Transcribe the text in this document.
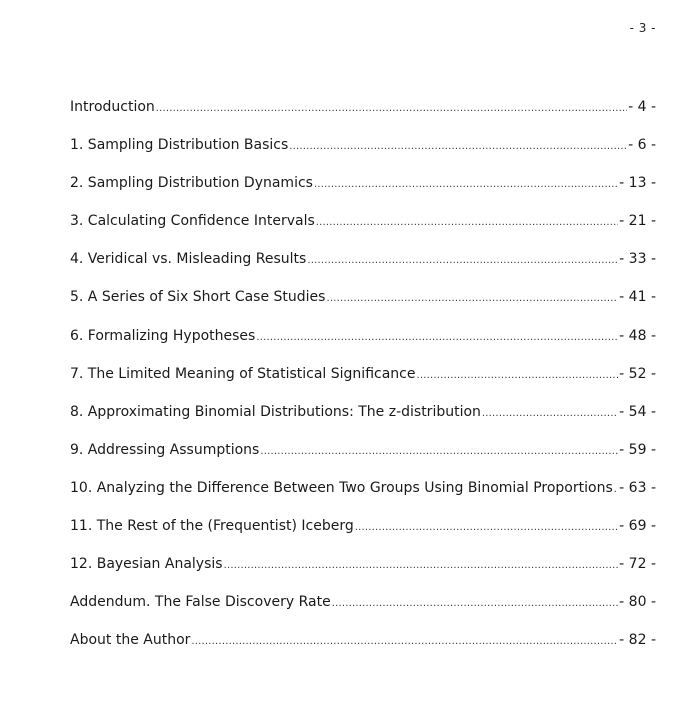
- 3 -
Introduction .....	- 4 -
1. Sampling Distribution Basics .....	- 6 -
2. Sampling Distribution Dynamics .....	- 13 -
3. Calculating Confidence Intervals .....	- 21 -
4. Veridical vs. Misleading Results .....	- 33 -
5. A Series of Six Short Case Studies .....	- 41 -
6. Formalizing Hypotheses .....	- 48 -
7. The Limited Meaning of Statistical Significance .....	- 52 -
8. Approximating Binomial Distributions: The z-distribution .....	- 54 -
9. Addressing Assumptions .....	- 59 -
10. Analyzing the Difference Between Two Groups Using Binomial Proportions ..... - 63 -
11. The Rest of the (Frequentist) Iceberg .....	- 69 -
12. Bayesian Analysis .....	- 72 -
Addendum. The False Discovery Rate .....	- 80 -
About the Author .....	- 82 -
